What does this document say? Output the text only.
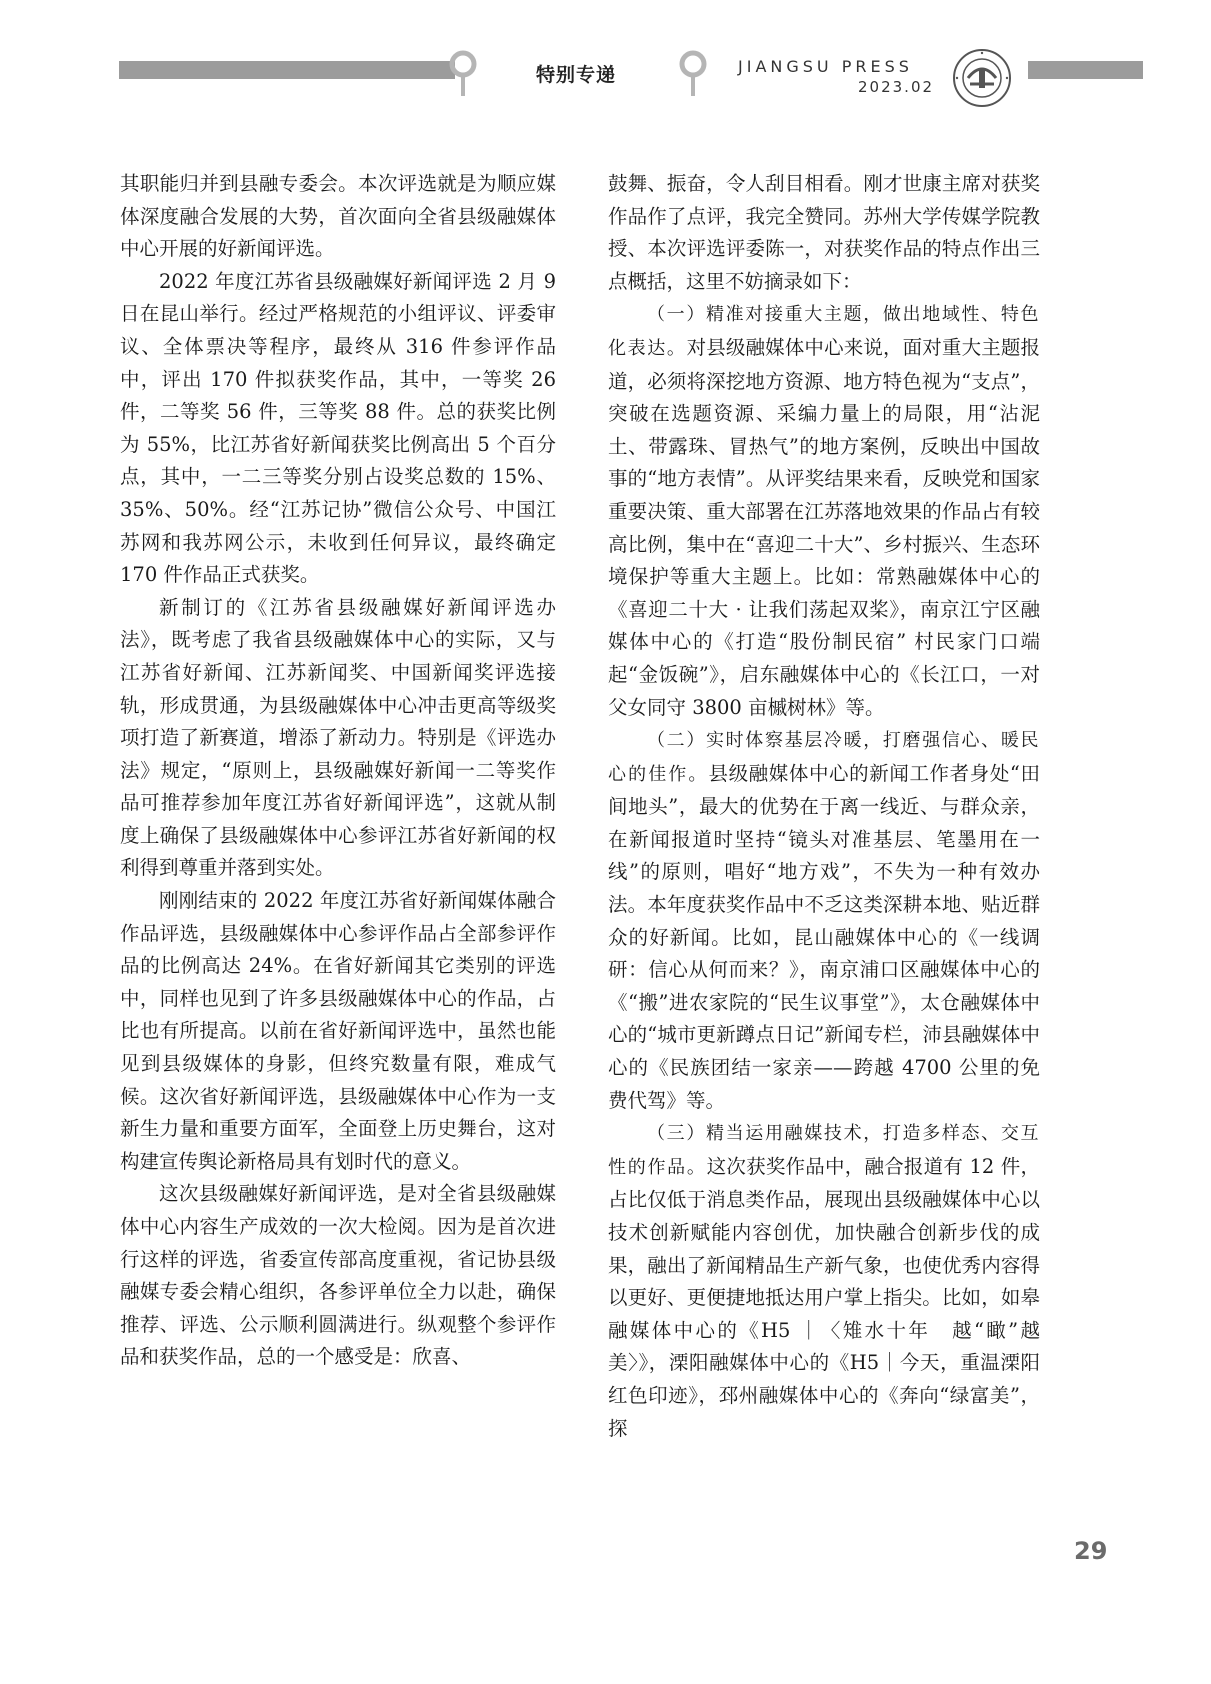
特别专递	JIANGSU PRESS
2023.02

其职能归并到县融专委会。本次评选就是为顺应媒体深度融合发展的大势，首次面向全省县级融媒体中心开展的好新闻评选。

2022 年度江苏省县级融媒好新闻评选 2 月 9 日在昆山举行。经过严格规范的小组评议、评委审议、全体票决等程序，最终从 316 件参评作品中，评出 170 件拟获奖作品，其中，一等奖 26 件，二等奖 56 件，三等奖 88 件。总的获奖比例为 55%，比江苏省好新闻获奖比例高出 5 个百分点，其中，一二三等奖分别占设奖总数的 15%、35%、50%。经“江苏记协”微信公众号、中国江苏网和我苏网公示，未收到任何异议，最终确定 170 件作品正式获奖。

新制订的《江苏省县级融媒好新闻评选办法》，既考虑了我省县级融媒体中心的实际，又与江苏省好新闻、江苏新闻奖、中国新闻奖评选接轨，形成贯通，为县级融媒体中心冲击更高等级奖项打造了新赛道，增添了新动力。特别是《评选办法》规定，“原则上，县级融媒好新闻一二等奖作品可推荐参加年度江苏省好新闻评选”，这就从制度上确保了县级融媒体中心参评江苏省好新闻的权利得到尊重并落到实处。

刚刚结束的 2022 年度江苏省好新闻媒体融合作品评选，县级融媒体中心参评作品占全部参评作品的比例高达 24%。在省好新闻其它类别的评选中，同样也见到了许多县级融媒体中心的作品，占比也有所提高。以前在省好新闻评选中，虽然也能见到县级媒体的身影，但终究数量有限，难成气候。这次省好新闻评选，县级融媒体中心作为一支新生力量和重要方面军，全面登上历史舞台，这对构建宣传舆论新格局具有划时代的意义。

这次县级融媒好新闻评选，是对全省县级融媒体中心内容生产成效的一次大检阅。因为是首次进行这样的评选，省委宣传部高度重视，省记协县级融媒专委会精心组织，各参评单位全力以赴，确保推荐、评选、公示顺利圆满进行。纵观整个参评作品和获奖作品，总的一个感受是：欣喜、

鼓舞、振奋，令人刮目相看。刚才世康主席对获奖作品作了点评，我完全赞同。苏州大学传媒学院教授、本次评选评委陈一，对获奖作品的特点作出三点概括，这里不妨摘录如下：

（一）精准对接重大主题，做出地域性、特色化表达。对县级融媒体中心来说，面对重大主题报道，必须将深挖地方资源、地方特色视为“支点”，突破在选题资源、采编力量上的局限，用“沾泥土、带露珠、冒热气”的地方案例，反映出中国故事的“地方表情”。从评奖结果来看，反映党和国家重要决策、重大部署在江苏落地效果的作品占有较高比例，集中在“喜迎二十大”、乡村振兴、生态环境保护等重大主题上。比如：常熟融媒体中心的《喜迎二十大 · 让我们荡起双桨》，南京江宁区融媒体中心的《打造“股份制民宿” 村民家门口端起“金饭碗”》，启东融媒体中心的《长江口，一对父女同守 3800 亩槭树林》等。

（二）实时体察基层冷暖，打磨强信心、暖民心的佳作。县级融媒体中心的新闻工作者身处“田间地头”，最大的优势在于离一线近、与群众亲，在新闻报道时坚持“镜头对准基层、笔墨用在一线”的原则，唱好“地方戏”，不失为一种有效办法。本年度获奖作品中不乏这类深耕本地、贴近群众的好新闻。比如，昆山融媒体中心的《一线调研：信心从何而来？》，南京浦口区融媒体中心的《“搬”进农家院的“民生议事堂”》，太仓融媒体中心的“城市更新蹲点日记”新闻专栏，沛县融媒体中心的《民族团结一家亲——跨越 4700 公里的免费代驾》等。

（三）精当运用融媒技术，打造多样态、交互性的作品。这次获奖作品中，融合报道有 12 件，占比仅低于消息类作品，展现出县级融媒体中心以技术创新赋能内容创优，加快融合创新步伐的成果，融出了新闻精品生产新气象，也使优秀内容得以更好、更便捷地抵达用户掌上指尖。比如，如皋融媒体中心的《H5 ｜〈雉水十年　越“瞰”越美〉》，溧阳融媒体中心的《H5｜今天，重温溧阳红色印迹》，邳州融媒体中心的《奔向“绿富美”，探

29
